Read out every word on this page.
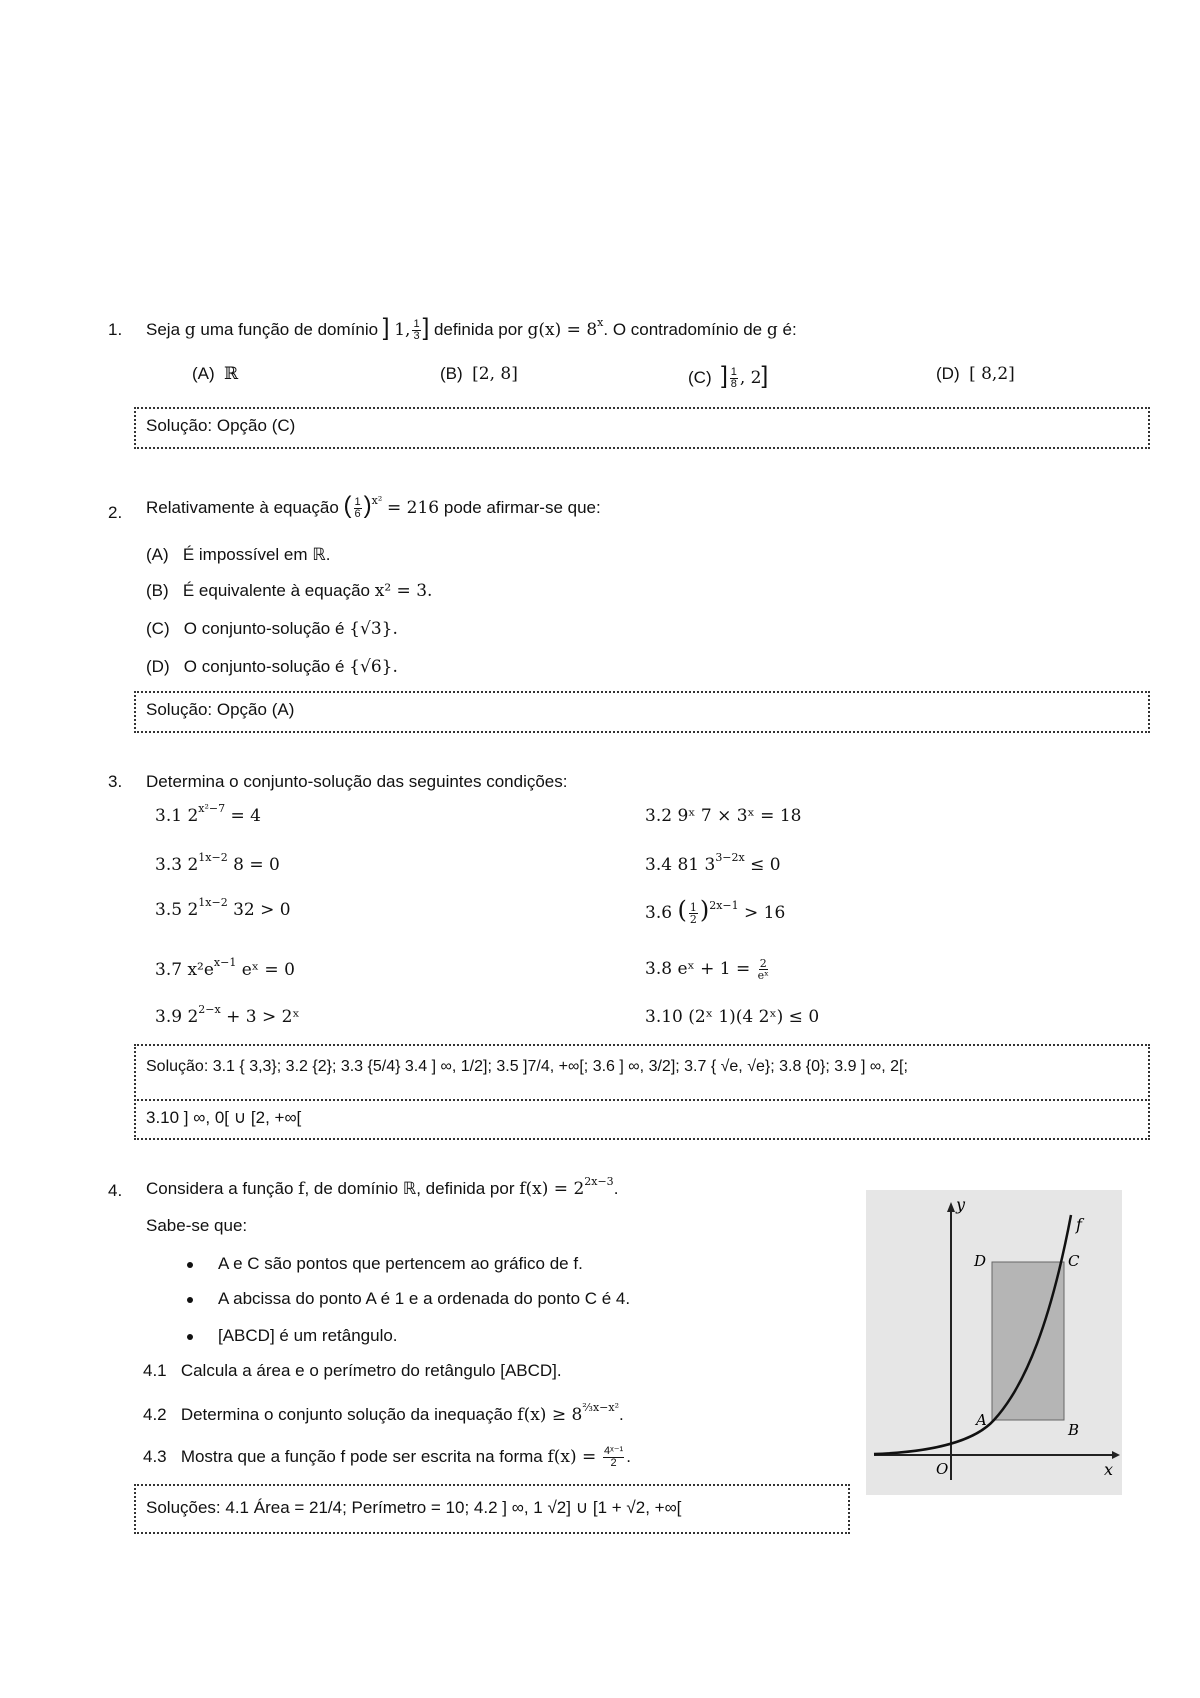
1. Seja g uma função de domínio ] 1, $\frac{1}{3}$ ] definida por $g(x) = 8^x$. O contradomínio de g é:
(A) ℝ	(B) [2, 8]	(C) ] $\frac{1}{8}$ , 2]	(D) [ 8,2]
Solução: Opção (C)
2. Relativamente à equação ( $\frac{1}{6} )^{x^2} = 216$ pode afirmar-se que:
(A) É impossível em ℝ.
(B) É equivalente à equação x² = 3.
(C) O conjunto-solução é {√3}.
(D) O conjunto-solução é {√6}.
Solução: Opção (A)
3. Determina o conjunto-solução das seguintes condições:
3.1 $2^{x^2-7} = 4$	3.2 9ˣ 7 × 3ˣ = 18
3.3 $2^{1x-2}$ 8 = 0	3.4 81 $3^{3-2x} \le 0$
3.5 $2^{1x-2}$ 32 > 0	3.6 ( $\frac{1}{2} )^{2x-1} > 16$
3.7 $x^2e^{x-1}$ eˣ = 0	3.8 eˣ + $1 = \frac{2}{\text{eˣ}}$
3.9 $2^{2-x} + 3$ > 2ˣ	3.10 (2ˣ 1)(4 2ˣ) ≤ 0
Solução: 3.1 { 3,3}; 3.2 {2}; 3.3 {5/4} 3.4 ] ∞, 1/2]; 3.5 ]7/4, +∞[; 3.6 ] ∞, 3/2]; 3.7 { √e, √e}; 3.8 {0}; 3.9 ] ∞, 2[;
3.10 ] ∞, 0[ ∪ [2, +∞[
4. Considera a função f, de domínio ℝ, definida por $f(x) = 2^{2x-3}$.
Sabe-se que:
A e C são pontos que pertencem ao gráfico de f.
A abcissa do ponto A é 1 e a ordenada do ponto C é 4.
[ABCD] é um retângulo.
4.1 Calcula a área e o perímetro do retângulo [ABCD].
4.2 Determina o conjunto solução da inequação $f(x) \ge 8^{\frac{2}{3}x-x^2}$.
4.3 Mostra que a função f pode ser escrita na forma $f(x) = \frac{\text{4ˣ⁻¹}}{2}$ .
Soluções: 4.1 Área = 21/4; Perímetro = 10; 4.2 ] ∞, 1 √2] ∪ [1 + √2, +∞[
y
x
f
O
A
B
C
D
